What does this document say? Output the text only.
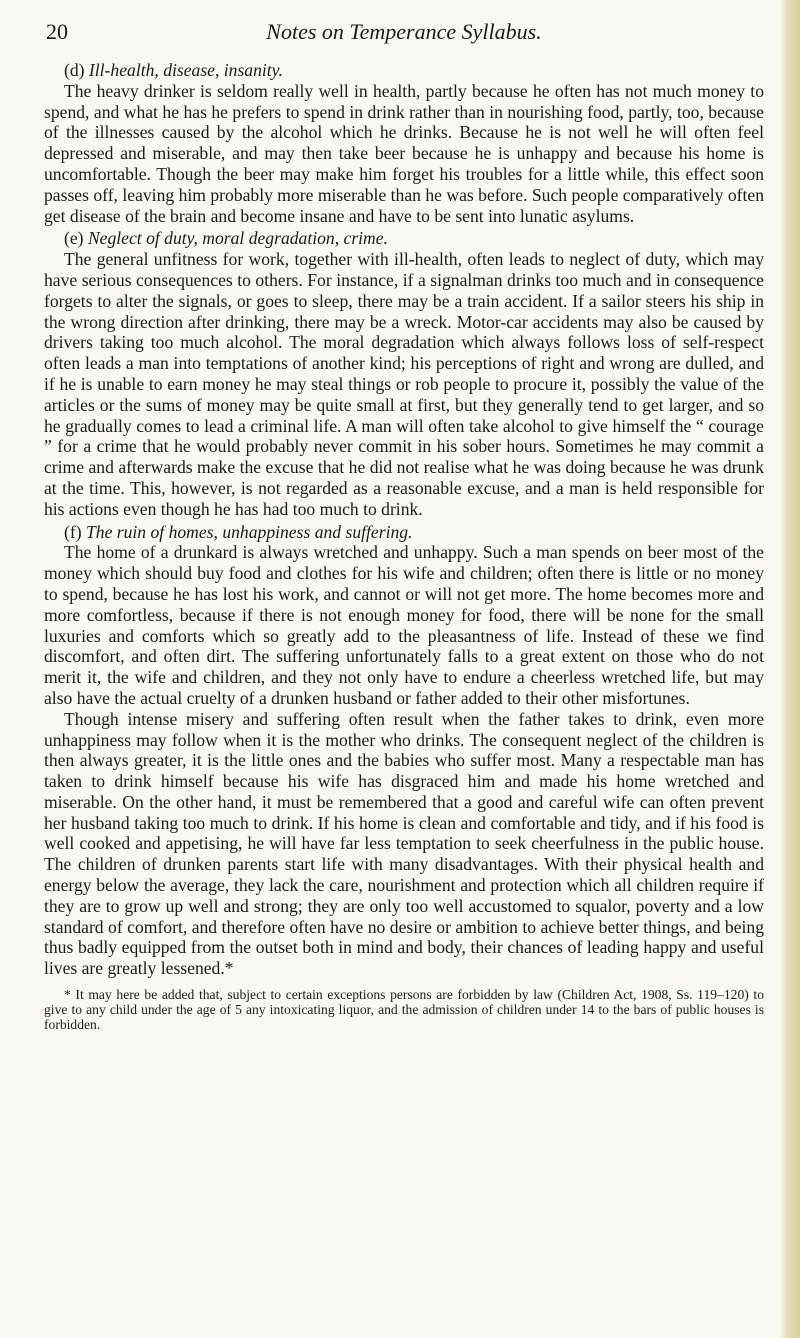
20	Notes on Temperance Syllabus.

(d) Ill-health, disease, insanity.

The heavy drinker is seldom really well in health, partly because he often has not much money to spend, and what he has he prefers to spend in drink rather than in nourishing food, partly, too, because of the illnesses caused by the alcohol which he drinks. Because he is not well he will often feel depressed and miserable, and may then take beer because he is unhappy and because his home is uncomfortable. Though the beer may make him forget his troubles for a little while, this effect soon passes off, leaving him probably more miserable than he was before. Such people comparatively often get disease of the brain and become insane and have to be sent into lunatic asylums.

(e) Neglect of duty, moral degradation, crime.

The general unfitness for work, together with ill-health, often leads to neglect of duty, which may have serious consequences to others. For instance, if a signalman drinks too much and in consequence forgets to alter the signals, or goes to sleep, there may be a train accident. If a sailor steers his ship in the wrong direction after drinking, there may be a wreck. Motor-car accidents may also be caused by drivers taking too much alcohol. The moral degradation which always follows loss of self-respect often leads a man into temptations of another kind; his perceptions of right and wrong are dulled, and if he is unable to earn money he may steal things or rob people to procure it, possibly the value of the articles or the sums of money may be quite small at first, but they generally tend to get larger, and so he gradually comes to lead a criminal life. A man will often take alcohol to give himself the “ courage ” for a crime that he would probably never commit in his sober hours. Sometimes he may commit a crime and afterwards make the excuse that he did not realise what he was doing because he was drunk at the time. This, however, is not regarded as a reasonable excuse, and a man is held responsible for his actions even though he has had too much to drink.

(f) The ruin of homes, unhappiness and suffering.

The home of a drunkard is always wretched and unhappy. Such a man spends on beer most of the money which should buy food and clothes for his wife and children; often there is little or no money to spend, because he has lost his work, and cannot or will not get more. The home becomes more and more comfortless, because if there is not enough money for food, there will be none for the small luxuries and comforts which so greatly add to the pleasantness of life. Instead of these we find discomfort, and often dirt. The suffering unfortunately falls to a great extent on those who do not merit it, the wife and children, and they not only have to endure a cheerless wretched life, but may also have the actual cruelty of a drunken husband or father added to their other misfortunes.

Though intense misery and suffering often result when the father takes to drink, even more unhappiness may follow when it is the mother who drinks. The consequent neglect of the children is then always greater, it is the little ones and the babies who suffer most. Many a respectable man has taken to drink himself because his wife has disgraced him and made his home wretched and miserable. On the other hand, it must be remembered that a good and careful wife can often prevent her husband taking too much to drink. If his home is clean and comfortable and tidy, and if his food is well cooked and appetising, he will have far less temptation to seek cheerfulness in the public house. The children of drunken parents start life with many disadvantages. With their physical health and energy below the average, they lack the care, nourishment and protection which all children require if they are to grow up well and strong; they are only too well accustomed to squalor, poverty and a low standard of comfort, and therefore often have no desire or ambition to achieve better things, and being thus badly equipped from the outset both in mind and body, their chances of leading happy and useful lives are greatly lessened.*

* It may here be added that, subject to certain exceptions persons are forbidden by law (Children Act, 1908, Ss. 119–120) to give to any child under the age of 5 any intoxicating liquor, and the admission of children under 14 to the bars of public houses is forbidden.
